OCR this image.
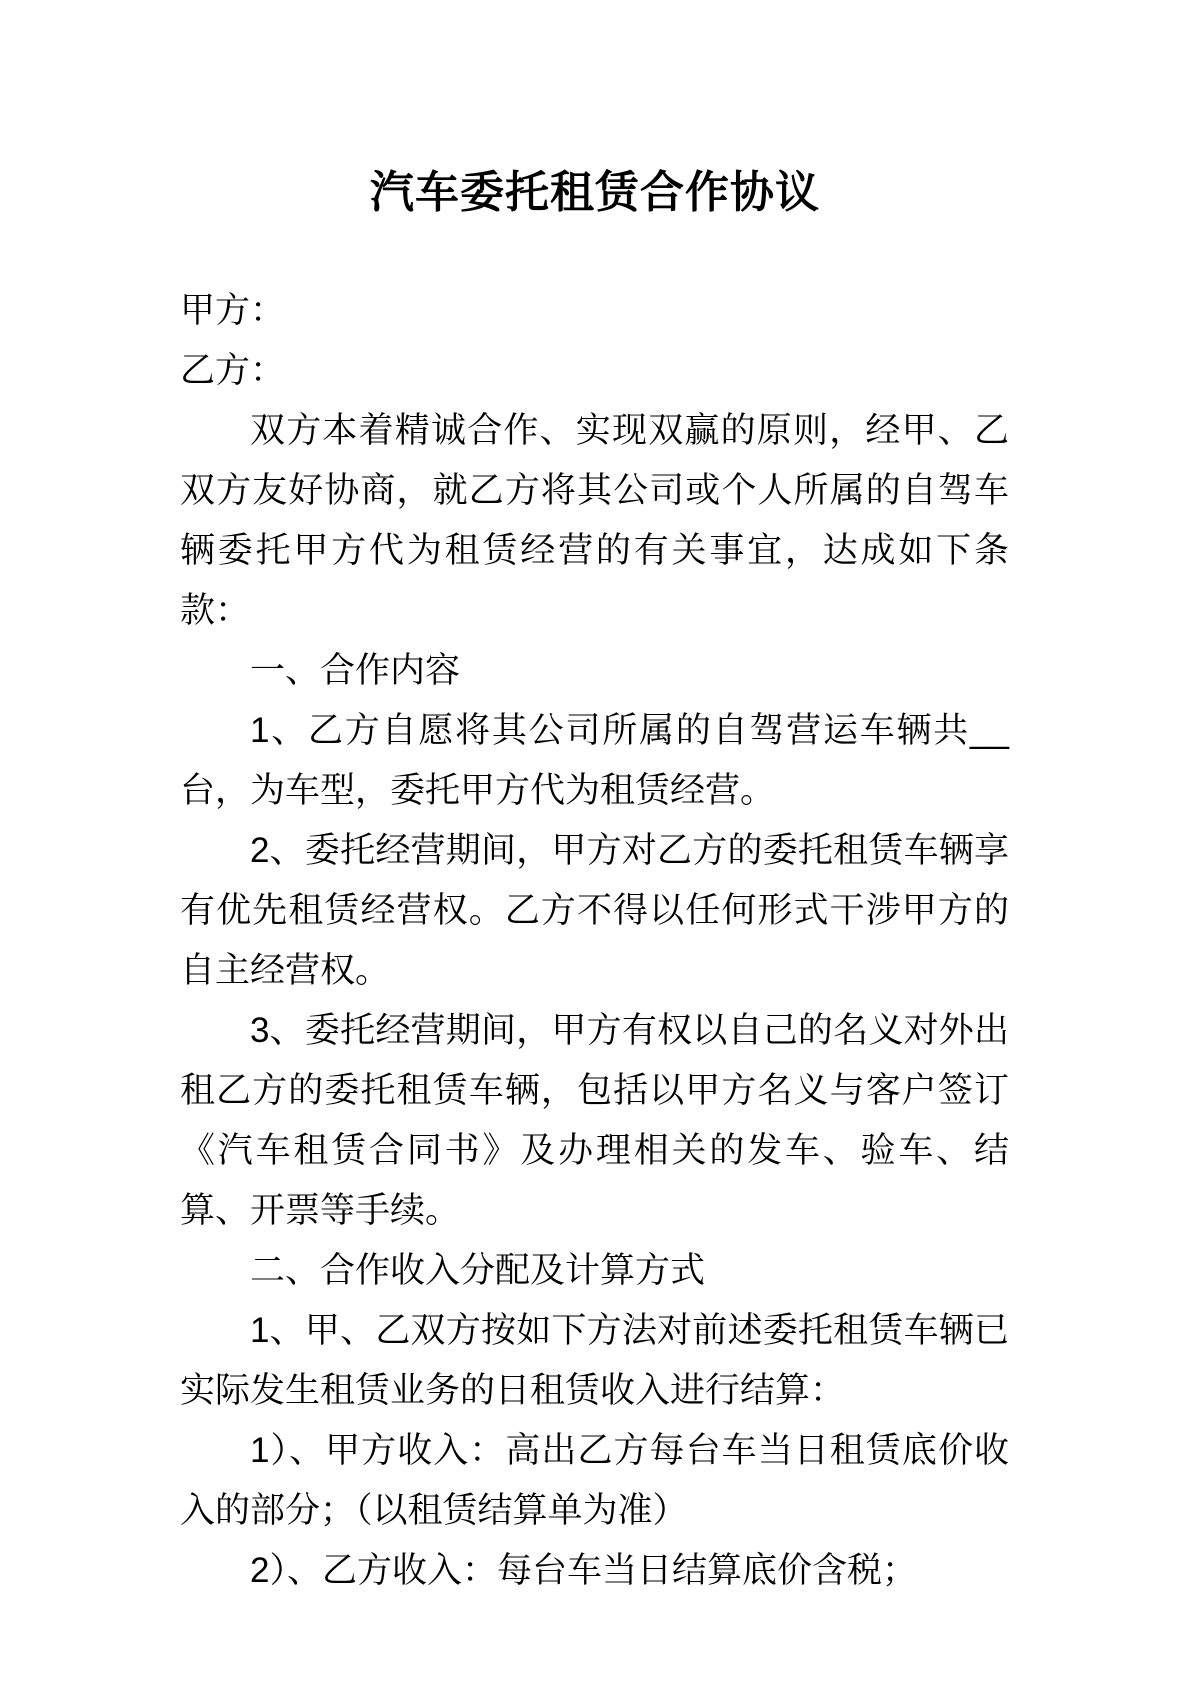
汽车委托租赁合作协议

甲方：

乙方：

双方本着精诚合作、实现双赢的原则，经甲、乙双方友好协商，就乙方将其公司或个人所属的自驾车辆委托甲方代为租赁经营的有关事宜，达成如下条款：

一、合作内容

1、乙方自愿将其公司所属的自驾营运车辆共__台，为车型，委托甲方代为租赁经营。

2、委托经营期间，甲方对乙方的委托租赁车辆享有优先租赁经营权。乙方不得以任何形式干涉甲方的自主经营权。

3、委托经营期间，甲方有权以自己的名义对外出租乙方的委托租赁车辆，包括以甲方名义与客户签订《汽车租赁合同书》及办理相关的发车、验车、结算、开票等手续。

二、合作收入分配及计算方式

1、甲、乙双方按如下方法对前述委托租赁车辆已实际发生租赁业务的日租赁收入进行结算：

1）、甲方收入：高出乙方每台车当日租赁底价收入的部分；（以租赁结算单为准）

2）、乙方收入：每台车当日结算底价含税；
